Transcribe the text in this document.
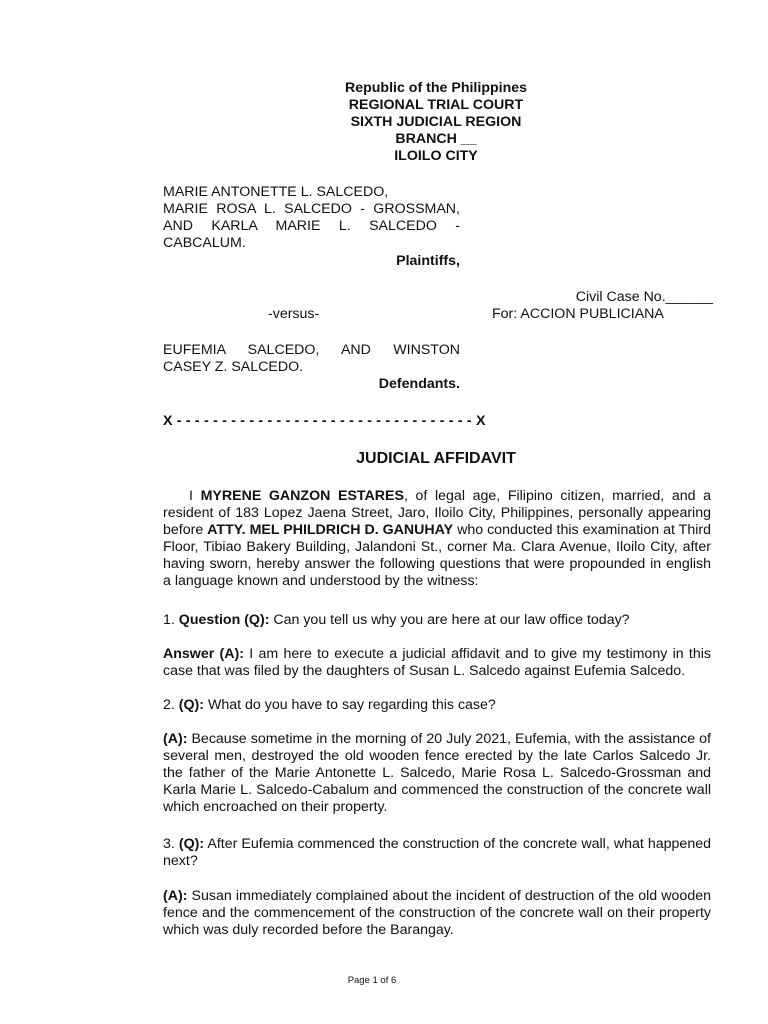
Republic of the Philippines
REGIONAL TRIAL COURT
SIXTH JUDICIAL REGION
BRANCH __
ILOILO CITY
MARIE ANTONETTE L. SALCEDO,
MARIE ROSA L. SALCEDO - GROSSMAN,
AND KARLA MARIE L. SALCEDO -
CABCALUM.
Plaintiffs,
Civil Case No.______
For: ACCION PUBLICIANA
-versus-
EUFEMIA SALCEDO, AND WINSTON
CASEY Z. SALCEDO.
Defendants.
X - - - - - - - - - - - - - - - - - - - - - - - - - - - - - - - - - X
JUDICIAL AFFIDAVIT
I MYRENE GANZON ESTARES, of legal age, Filipino citizen, married, and a resident of 183 Lopez Jaena Street, Jaro, Iloilo City, Philippines, personally appearing before ATTY. MEL PHILDRICH D. GANUHAY who conducted this examination at Third Floor, Tibiao Bakery Building, Jalandoni St., corner Ma. Clara Avenue, Iloilo City, after having sworn, hereby answer the following questions that were propounded in english a language known and understood by the witness:
1. Question (Q): Can you tell us why you are here at our law office today?
Answer (A): I am here to execute a judicial affidavit and to give my testimony in this case that was filed by the daughters of Susan L. Salcedo against Eufemia Salcedo.
2. (Q): What do you have to say regarding this case?
(A): Because sometime in the morning of 20 July 2021, Eufemia, with the assistance of several men, destroyed the old wooden fence erected by the late Carlos Salcedo Jr. the father of the Marie Antonette L. Salcedo, Marie Rosa L. Salcedo-Grossman and Karla Marie L. Salcedo-Cabalum and commenced the construction of the concrete wall which encroached on their property.
3. (Q): After Eufemia commenced the construction of the concrete wall, what happened next?
(A): Susan immediately complained about the incident of destruction of the old wooden fence and the commencement of the construction of the concrete wall on their property which was duly recorded before the Barangay.
Page 1 of 6
